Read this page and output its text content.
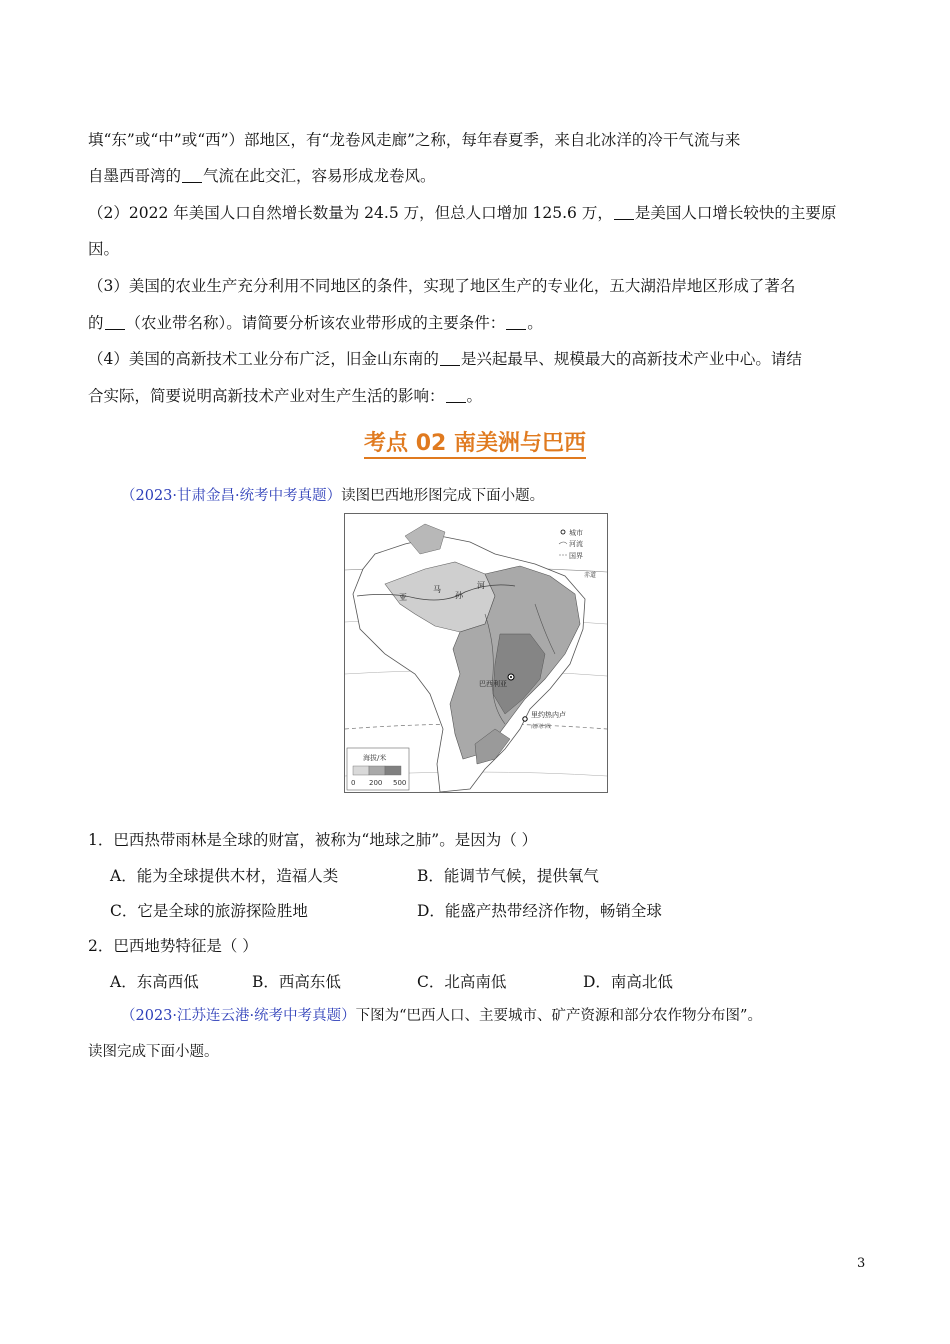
填“东”或“中”或“西”）部地区，有“龙卷风走廊”之称，每年春夏季，来自北冰洋的冷干气流与来
自墨西哥湾的 气流在此交汇，容易形成龙卷风。
（2）2022 年美国人口自然增长数量为 24.5 万，但总人口增加 125.6 万， 是美国人口增长较快的主要原
因。
（3）美国的农业生产充分利用不同地区的条件，实现了地区生产的专业化，五大湖沿岸地区形成了著名
的 （农业带名称）。请简要分析该农业带形成的主要条件： 。
（4）美国的高新技术工业分布广泛，旧金山东南的 是兴起最早、规模最大的高新技术产业中心。请结
合实际，简要说明高新技术产业对生产生活的影响： 。
考点 02 南美洲与巴西
（2023·甘肃金昌·统考中考真题）读图巴西地形图完成下面小题。
亚
马
孙
河
巴西利亚
里约热内卢
南回归线
赤道
城市
河流
国界
海拔/米
0 200 500
1．巴西热带雨林是全球的财富，被称为“地球之肺”。是因为（ ）
A．能为全球提供木材，造福人类	B．能调节气候，提供氧气
C．它是全球的旅游探险胜地	D．能盛产热带经济作物，畅销全球
2．巴西地势特征是（ ）
A．东高西低	B．西高东低	C．北高南低	D．南高北低
（2023·江苏连云港·统考中考真题）下图为“巴西人口、主要城市、矿产资源和部分农作物分布图”。
读图完成下面小题。
3
